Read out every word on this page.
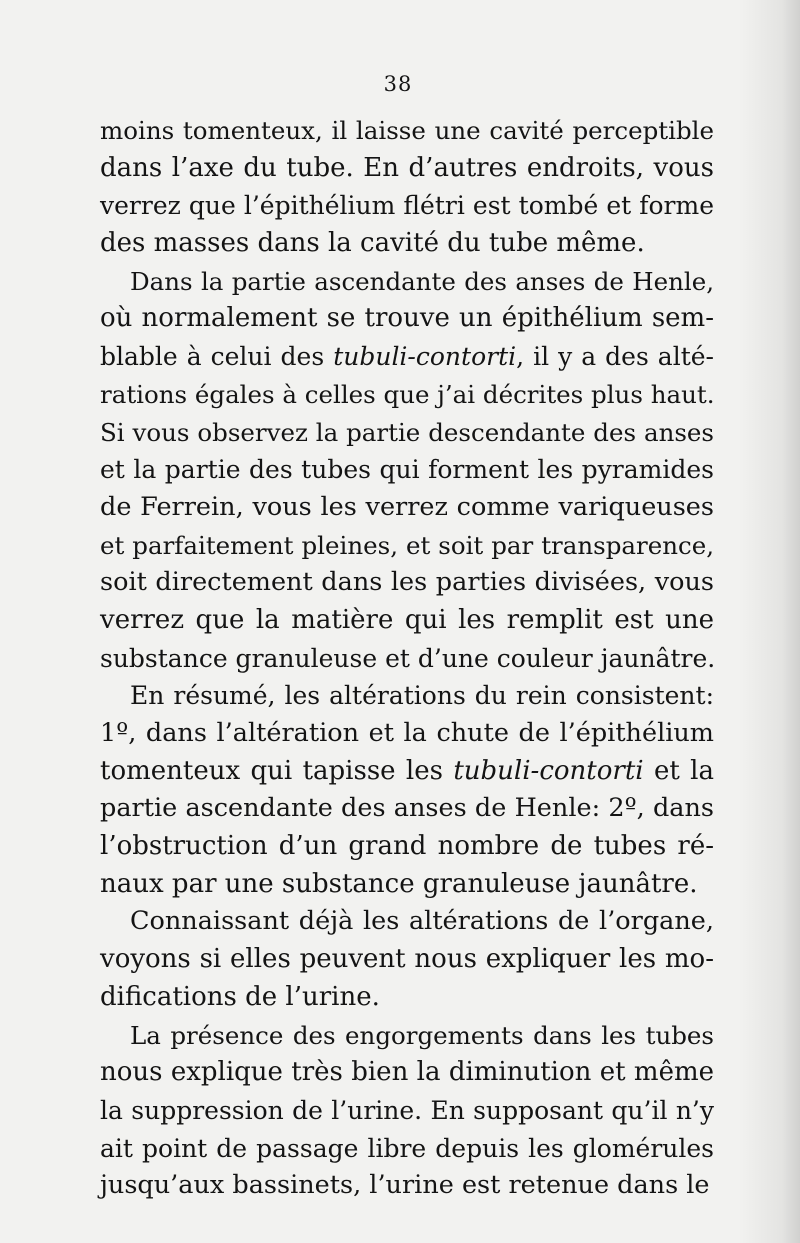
38
moins tomenteux, il laisse une cavité perceptible
dans l’axe du tube. En d’autres endroits, vous
verrez que l’épithélium flétri est tombé et forme
des masses dans la cavité du tube même.
Dans la partie ascendante des anses de Henle,
où normalement se trouve un épithélium sem-
blable à celui des tubuli-contorti, il y a des alté-
rations égales à celles que j’ai décrites plus haut.
Si vous observez la partie descendante des anses
et la partie des tubes qui forment les pyramides
de Ferrein, vous les verrez comme variqueuses
et parfaitement pleines, et soit par transparence,
soit directement dans les parties divisées, vous
verrez que la matière qui les remplit est une
substance granuleuse et d’une couleur jaunâtre.
En résumé, les altérations du rein consistent:
1º, dans l’altération et la chute de l’épithélium
tomenteux qui tapisse les tubuli-contorti et la
partie ascendante des anses de Henle: 2º, dans
l’obstruction d’un grand nombre de tubes ré-
naux par une substance granuleuse jaunâtre.
Connaissant déjà les altérations de l’organe,
voyons si elles peuvent nous expliquer les mo-
difications de l’urine.
La présence des engorgements dans les tubes
nous explique très bien la diminution et même
la suppression de l’urine. En supposant qu’il n’y
ait point de passage libre depuis les glomérules
jusqu’aux bassinets, l’urine est retenue dans le
